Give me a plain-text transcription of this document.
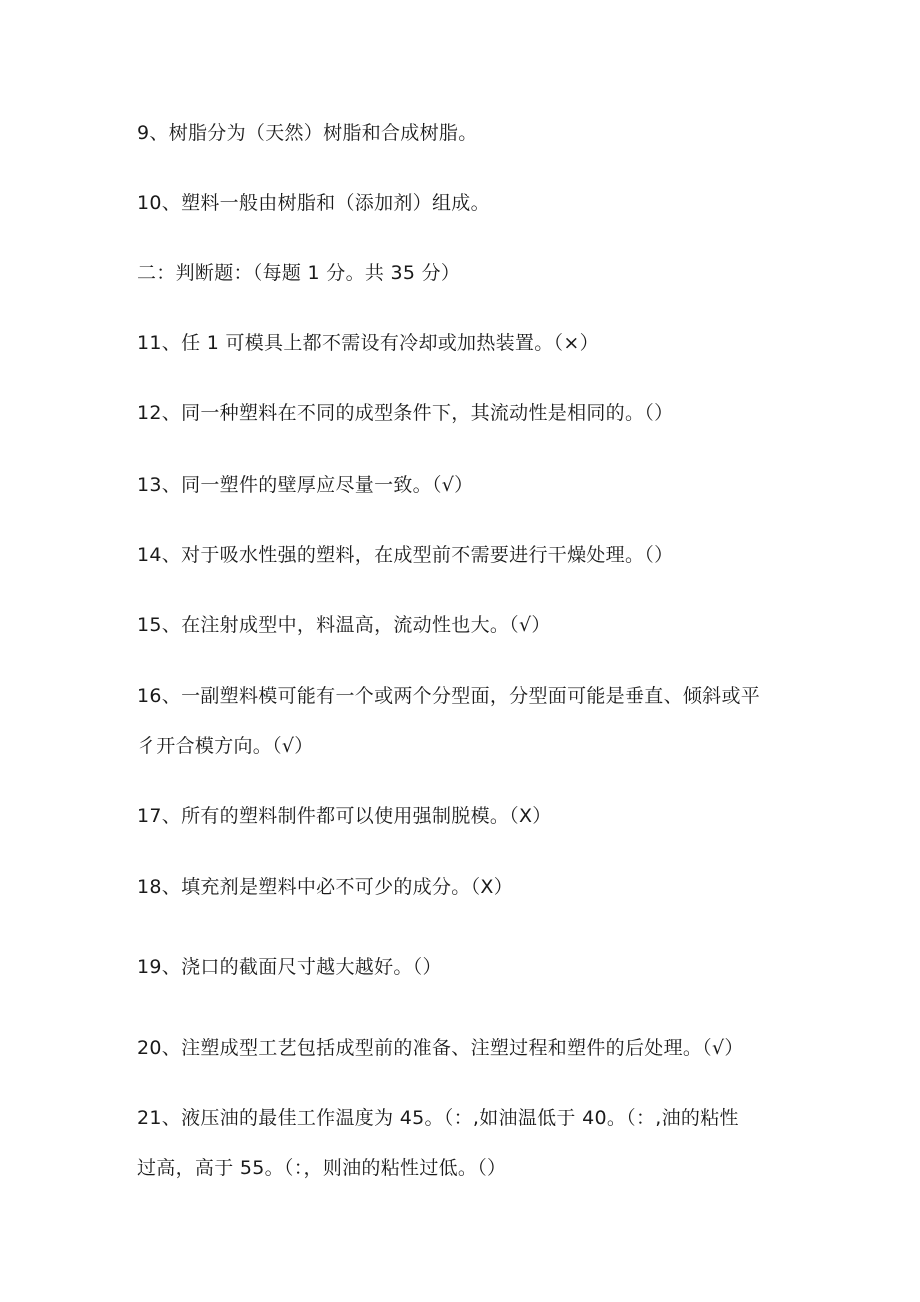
9、树脂分为（天然）树脂和合成树脂。
10、塑料一般由树脂和（添加剂）组成。
二：判断题：（每题 1 分。共 35 分）
11、任 1 可模具上都不需设有冷却或加热装置。（×）
12、同一种塑料在不同的成型条件下，其流动性是相同的。（）
13、同一塑件的壁厚应尽量一致。（√）
14、对于吸水性强的塑料，在成型前不需要进行干燥处理。（）
15、在注射成型中，料温高，流动性也大。（√）
16、一副塑料模可能有一个或两个分型面，分型面可能是垂直、倾斜或平
彳开合模方向。（√）
17、所有的塑料制件都可以使用强制脱模。（X）
18、填充剂是塑料中必不可少的成分。（X）
19、浇口的截面尺寸越大越好。（）
20、注塑成型工艺包括成型前的准备、注塑过程和塑件的后处理。（√）
21、液压油的最佳工作温度为 45。（：,如油温低于 40。（：,油的粘性
过高，高于 55。（：，则油的粘性过低。（）
